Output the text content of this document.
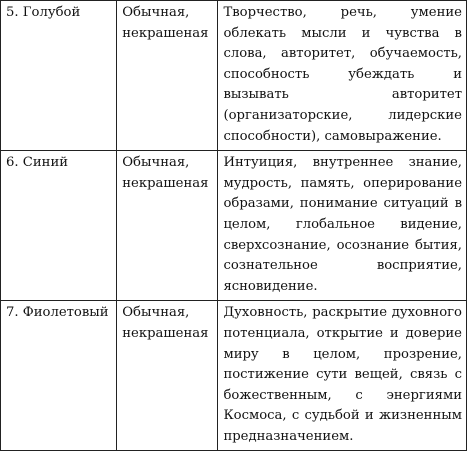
5. Голубой	Обычная, некрашеная	Творчество, речь, умение облекать мысли и чувства в слова, авторитет, обучаемость, способность убеждать и вызывать авторитет (организаторские, лидерские способности), самовыражение.
6. Синий	Обычная, некрашеная	Интуиция, внутреннее знание, мудрость, память, оперирование образами, понимание ситуаций в целом, глобальное видение, сверхсознание, осознание бытия, сознательное восприятие, ясновидение.
7. Фиолетовый	Обычная, некрашеная	Духовность, раскрытие духовного потенциала, открытие и доверие миру в целом, прозрение, постижение сути вещей, связь с божественным, с энергиями Космоса, с судьбой и жизненным предназначением.
